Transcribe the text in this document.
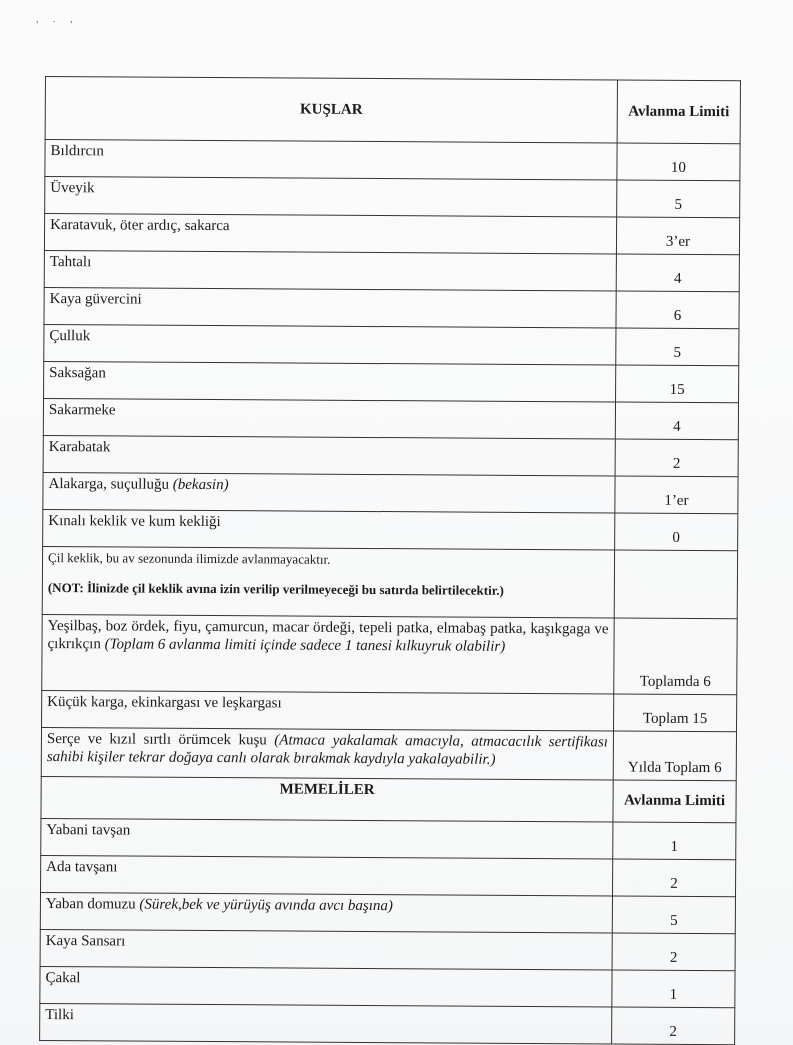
, . ,
KUŞLAR	Avlanma Limiti
Bıldırcın	10
Üveyik	5
Karatavuk, öter ardıç, sakarca	3’er
Tahtalı	4
Kaya güvercini	6
Çulluk	5
Saksağan	15
Sakarmeke	4
Karabatak	2
Alakarga, suçulluğu (bekasin)	1’er
Kınalı keklik ve kum kekliği	0

Çil keklik, bu av sezonunda ilimizde avlanmayacaktır.
(NOT: İlinizde çil keklik avına izin verilip verilmeyeceği bu satırda belirtilecektir.)	

Yeşilbaş, boz ördek, fiyu, çamurcun, macar ördeği, tepeli patka, elmabaş patka, kaşıkgaga ve çıkrıkçın (Toplam 6 avlanma limiti içinde sadece 1 tanesi kılkuyruk olabilir)	Toplamda 6
Küçük karga, ekinkargası ve leşkargası	Toplam 15
Serçe ve kızıl sırtlı örümcek kuşu (Atmaca yakalamak amacıyla, atmacacılık sertifikası sahibi kişiler tekrar doğaya canlı olarak bırakmak kaydıyla yakalayabilir.)	Yılda Toplam 6
MEMELİLER	Avlanma Limiti
Yabani tavşan	1
Ada tavşanı	2
Yaban domuzu (Sürek,bek ve yürüyüş avında avcı başına)	5
Kaya Sansarı	2
Çakal	1
Tilki	2
